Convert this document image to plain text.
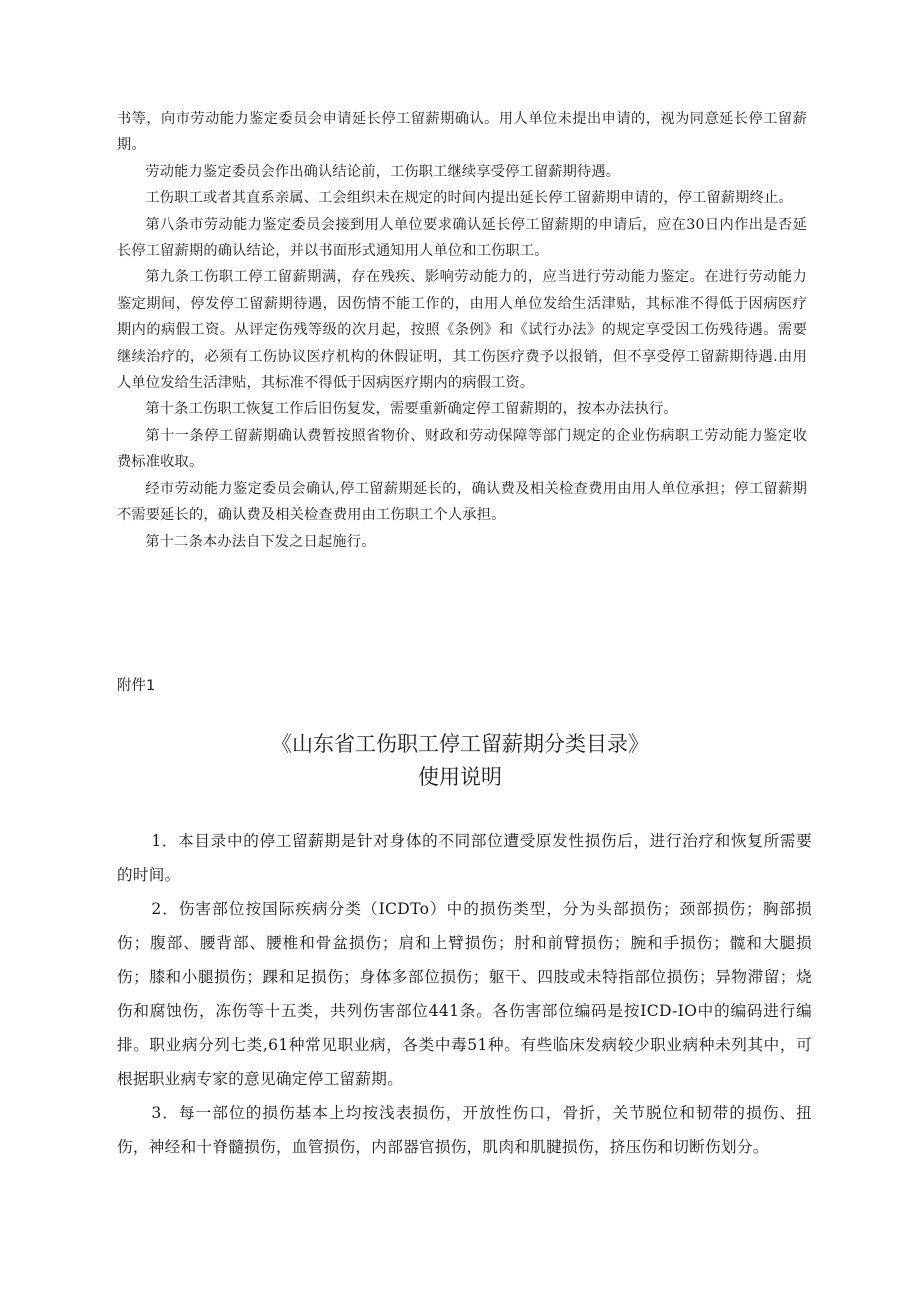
书等，向市劳动能力鉴定委员会申请延长停工留薪期确认。用人单位未提出申请的，视为同意延长停工留薪期。

劳动能力鉴定委员会作出确认结论前，工伤职工继续享受停工留薪期待遇。

工伤职工或者其直系亲属、工会组织未在规定的时间内提出延长停工留薪期申请的，停工留薪期终止。

第八条市劳动能力鉴定委员会接到用人单位要求确认延长停工留薪期的申请后，应在30日内作出是否延长停工留薪期的确认结论，并以书面形式通知用人单位和工伤职工。

第九条工伤职工停工留薪期满，存在残疾、影响劳动能力的，应当进行劳动能力鉴定。在进行劳动能力鉴定期间，停发停工留薪期待遇，因伤情不能工作的，由用人单位发给生活津贴，其标准不得低于因病医疗期内的病假工资。从评定伤残等级的次月起，按照《条例》和《试行办法》的规定享受因工伤残待遇。需要继续治疗的，必须有工伤协议医疗机构的休假证明，其工伤医疗费予以报销，但不享受停工留薪期待遇.由用人单位发给生活津贴，其标准不得低于因病医疗期内的病假工资。

第十条工伤职工恢复工作后旧伤复发，需要重新确定停工留薪期的，按本办法执行。

第十一条停工留薪期确认费暂按照省物价、财政和劳动保障等部门规定的企业伤病职工劳动能力鉴定收费标准收取。

经市劳动能力鉴定委员会确认,停工留薪期延长的，确认费及相关检查费用由用人单位承担；停工留薪期不需要延长的，确认费及相关检查费用由工伤职工个人承担。

第十二条本办法自下发之日起施行。

附件1
《山东省工伤职工停工留薪期分类目录》
使用说明

1．本目录中的停工留薪期是针对身体的不同部位遭受原发性损伤后，进行治疗和恢复所需要的时间。

2．伤害部位按国际疾病分类（ICDTo）中的损伤类型，分为头部损伤；颈部损伤；胸部损伤；腹部、腰背部、腰椎和骨盆损伤；肩和上臂损伤；肘和前臂损伤；腕和手损伤；髋和大腿损伤；膝和小腿损伤；踝和足损伤；身体多部位损伤；躯干、四肢或未特指部位损伤；异物滞留；烧伤和腐蚀伤，冻伤等十五类，共列伤害部位441条。各伤害部位编码是按ICD-IO中的编码进行编排。职业病分列七类,61种常见职业病，各类中毒51种。有些临床发病较少职业病种未列其中，可根据职业病专家的意见确定停工留薪期。

3．每一部位的损伤基本上均按浅表损伤，开放性伤口，骨折，关节脱位和韧带的损伤、扭伤，神经和十脊髓损伤，血管损伤，内部器官损伤，肌肉和肌腱损伤，挤压伤和切断伤划分。
